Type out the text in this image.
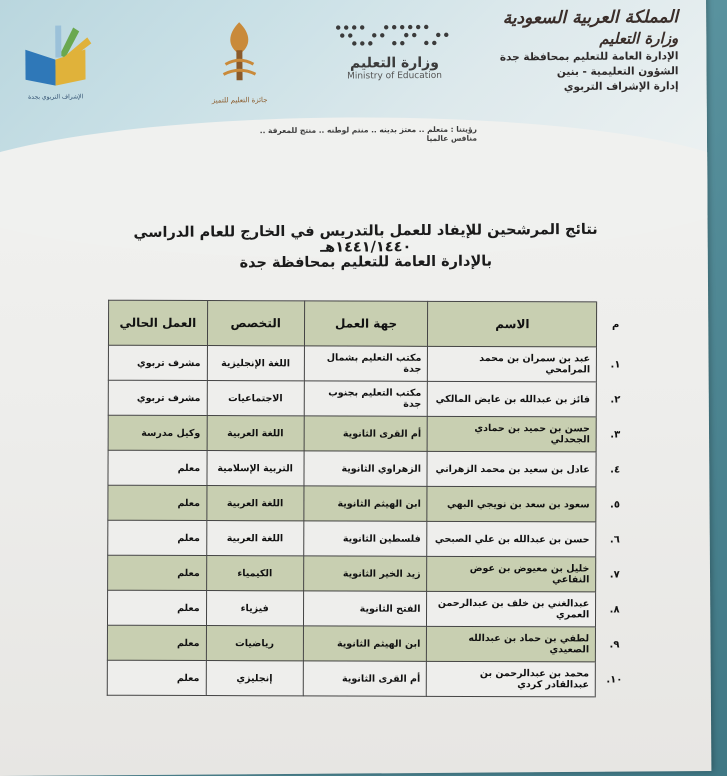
المملكة العربية السعودية
وزارة التعليم
الإدارة العامة للتعليم بمحافظة جدة
الشؤون التعليمية - بنين
إدارة الإشراف التربوي
وزارة التعليم
Ministry of Education
جائزة التعليم للتميز
الإشراف التربوي بجدة
رؤيتنا : متعلم .. معتز بدينه .. منتم لوطنه .. منتج للمعرفة .. منافس عالميا
نتائج المرشحين للإيفاد للعمل بالتدريس في الخارج للعام الدراسي ١٤٤١/١٤٤٠هـ
بالإدارة العامة للتعليم بمحافظة جدة
م	الاسم	جهة العمل	التخصص	العمل الحالي
١.	عبد بن سمران بن محمد المرامحي	مكتب التعليم بشمال جدة	اللغة الإنجليزية	مشرف تربوي
٢.	فائز بن عبدالله بن عايض المالكي	مكتب التعليم بجنوب جدة	الاجتماعيات	مشرف تربوي
٣.	حسن بن حميد بن حمادي الجحدلي	أم القرى الثانوية	اللغة العربية	وكيل مدرسة
٤.	عادل بن سعيد بن محمد الزهراني	الزهراوي الثانوية	التربية الإسلامية	معلم
٥.	سعود بن سعد بن نويجي البهي	ابن الهيثم الثانوية	اللغة العربية	معلم
٦.	حسن بن عبدالله بن علي الصبحي	فلسطين الثانوية	اللغة العربية	معلم
٧.	خليل بن معيوض بن عوض النفاعي	زيد الخير الثانوية	الكيمياء	معلم
٨.	عبدالغني بن خلف بن عبدالرحمن العمري	الفتح الثانوية	فيزياء	معلم
٩.	لطفي بن حماد بن عبدالله الصعيدي	ابن الهيثم الثانوية	رياضيات	معلم
١٠.	محمد بن عبدالرحمن بن عبدالقادر كردي	أم القرى الثانوية	إنجليزي	معلم
